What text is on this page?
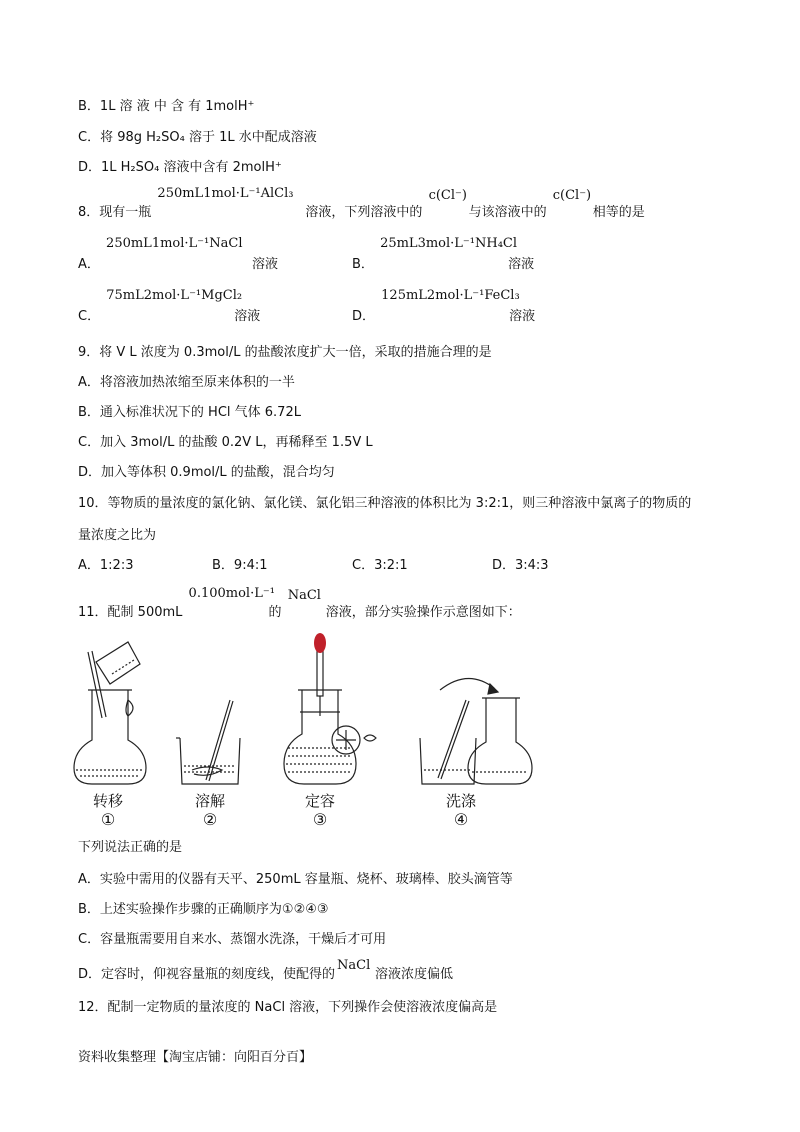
B．1L 溶 液 中 含 有 1molH⁺
C．将 98g H₂SO₄ 溶于 1L 水中配成溶液
D．1L H₂SO₄ 溶液中含有 2molH⁺
8．现有一瓶
250mL1mol·L⁻¹AlCl₃
溶液，下列溶液中的
c(Cl⁻)
与该溶液中的
c(Cl⁻)
相等的是
A．
250mL1mol·L⁻¹NaCl
溶液	B．
25mL3mol·L⁻¹NH₄Cl
溶液
C．
75mL2mol·L⁻¹MgCl₂
溶液	D．
125mL2mol·L⁻¹FeCl₃
溶液
9．将 V L 浓度为 0.3mol/L 的盐酸浓度扩大一倍，采取的措施合理的是
A．将溶液加热浓缩至原来体积的一半
B．通入标准状况下的 HCl 气体 6.72L
C．加入 3mol/L 的盐酸 0.2V L，再稀释至 1.5V L
D．加入等体积 0.9mol/L 的盐酸，混合均匀
10．等物质的量浓度的氯化钠、氯化镁、氯化铝三种溶液的体积比为 3:2:1，则三种溶液中氯离子的物质的
量浓度之比为
A．1:2:3	B．9:4:1	C．3:2:1	D．3:4:3
11．配制 500mL
0.100mol·L⁻¹
的
NaCl
溶液，部分实验操作示意图如下：
转移	溶解	定容	洗涤
①	②	③	④
下列说法正确的是
A．实验中需用的仪器有天平、250mL 容量瓶、烧杯、玻璃棒、胶头滴管等
B．上述实验操作步骤的正确顺序为①②④③
C．容量瓶需要用自来水、蒸馏水洗涤，干燥后才可用
D．定容时，仰视容量瓶的刻度线，使配得的
NaCl
溶液浓度偏低
12．配制一定物质的量浓度的 NaCl 溶液，下列操作会使溶液浓度偏高是
资料收集整理【淘宝店铺：向阳百分百】
